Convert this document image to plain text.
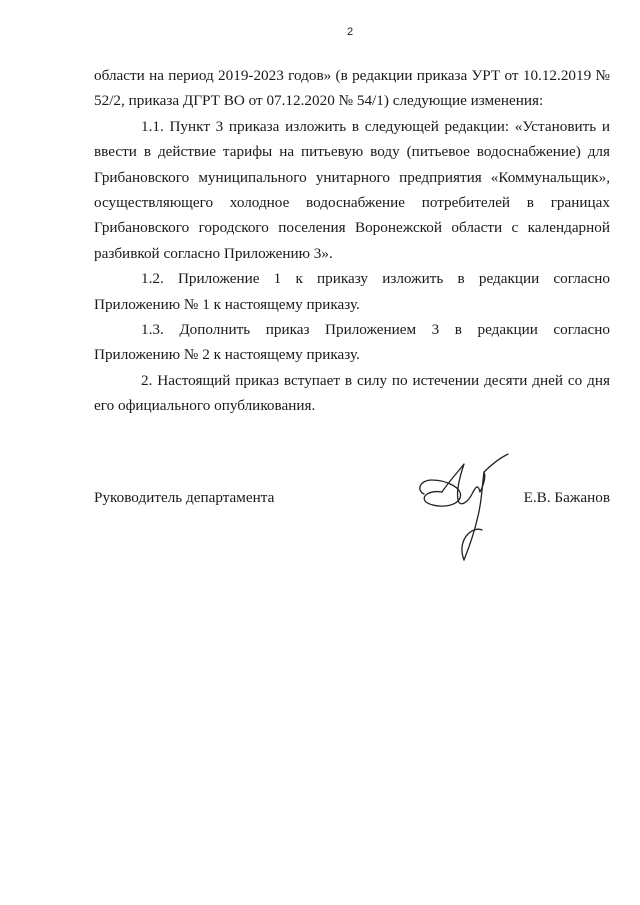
2

области на период 2019-2023 годов» (в редакции приказа УРТ от 10.12.2019 № 52/2, приказа ДГРТ ВО от 07.12.2020 № 54/1) следующие изменения:

1.1. Пункт 3 приказа изложить в следующей редакции: «Установить и ввести в действие тарифы на питьевую воду (питьевое водоснабжение) для Грибановского муниципального унитарного предприятия «Коммунальщик», осуществляющего холодное водоснабжение потребителей в границах Грибановского городского поселения Воронежской области с календарной разбивкой согласно Приложению 3».

1.2. Приложение 1 к приказу изложить в редакции согласно Приложению № 1 к настоящему приказу.

1.3. Дополнить приказ Приложением 3 в редакции согласно Приложению № 2 к настоящему приказу.

2. Настоящий приказ вступает в силу по истечении десяти дней со дня его официального опубликования.

Руководитель департамента	Е.В. Бажанов
